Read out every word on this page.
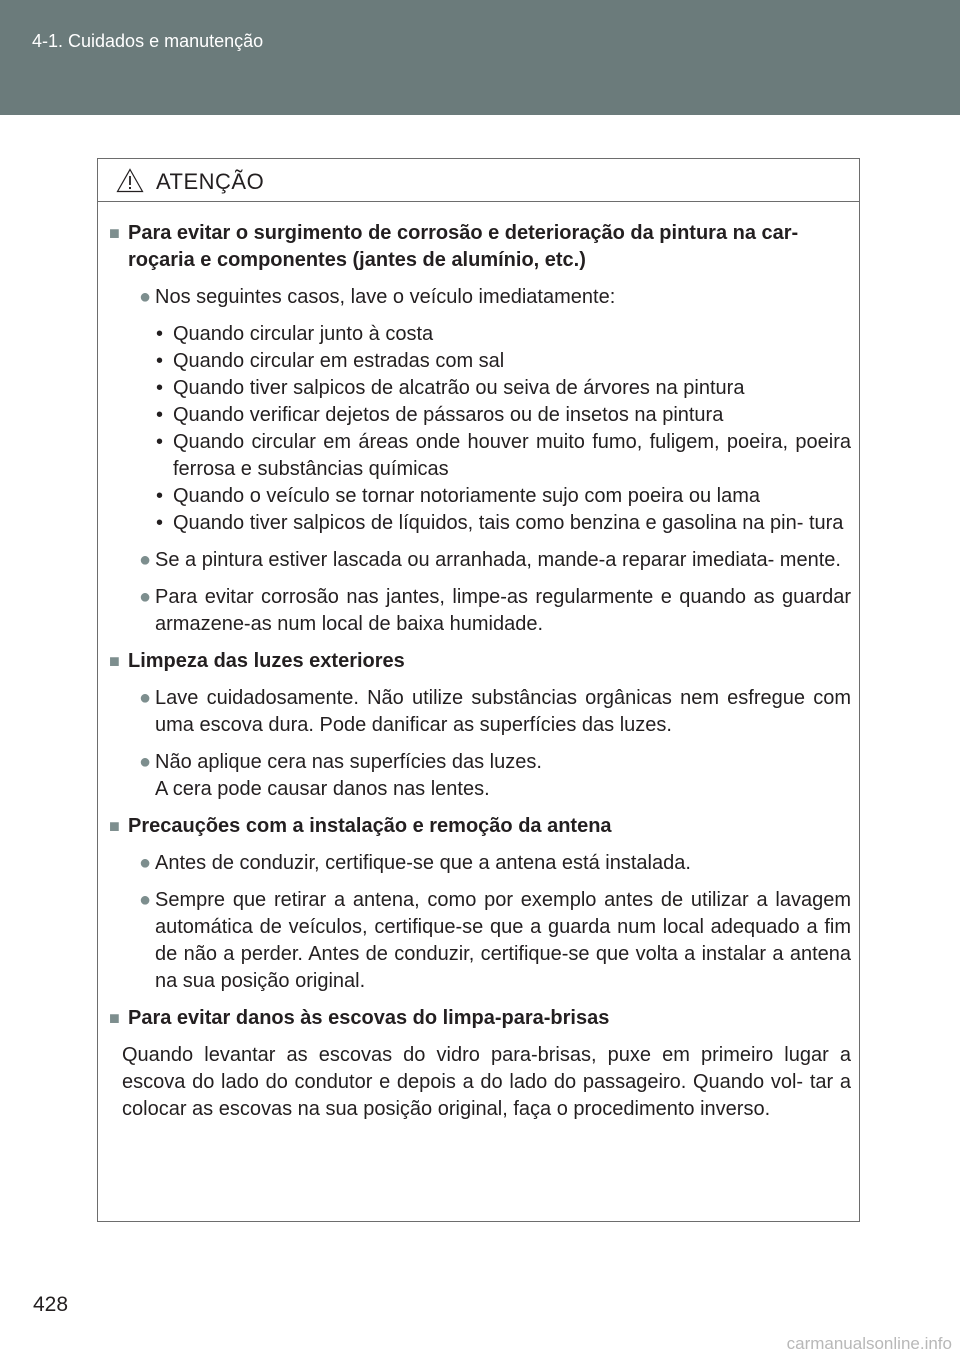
4-1. Cuidados e manutenção
ATENÇÃO
■ Para evitar o surgimento de corrosão e deterioração da pintura na car- roçaria e componentes (jantes de alumínio, etc.)
● Nos seguintes casos, lave o veículo imediatamente:
• Quando circular junto à costa
• Quando circular em estradas com sal
• Quando tiver salpicos de alcatrão ou seiva de árvores na pintura
• Quando verificar dejetos de pássaros ou de insetos na pintura
• Quando circular em áreas onde houver muito fumo, fuligem, poeira, poeira ferrosa e substâncias químicas
• Quando o veículo se tornar notoriamente sujo com poeira ou lama
• Quando tiver salpicos de líquidos, tais como benzina e gasolina na pin- tura
● Se a pintura estiver lascada ou arranhada, mande-a reparar imediata- mente.
● Para evitar corrosão nas jantes, limpe-as regularmente e quando as guardar armazene-as num local de baixa humidade.
■ Limpeza das luzes exteriores
● Lave cuidadosamente. Não utilize substâncias orgânicas nem esfregue com uma escova dura. Pode danificar as superfícies das luzes.
● Não aplique cera nas superfícies das luzes.
A cera pode causar danos nas lentes.
■ Precauções com a instalação e remoção da antena
● Antes de conduzir, certifique-se que a antena está instalada.
● Sempre que retirar a antena, como por exemplo antes de utilizar a lavagem automática de veículos, certifique-se que a guarda num local adequado a fim de não a perder. Antes de conduzir, certifique-se que volta a instalar a antena na sua posição original.
■ Para evitar danos às escovas do limpa-para-brisas
Quando levantar as escovas do vidro para-brisas, puxe em primeiro lugar a escova do lado do condutor e depois a do lado do passageiro. Quando vol- tar a colocar as escovas na sua posição original, faça o procedimento inverso.
428
carmanualsonline.info
